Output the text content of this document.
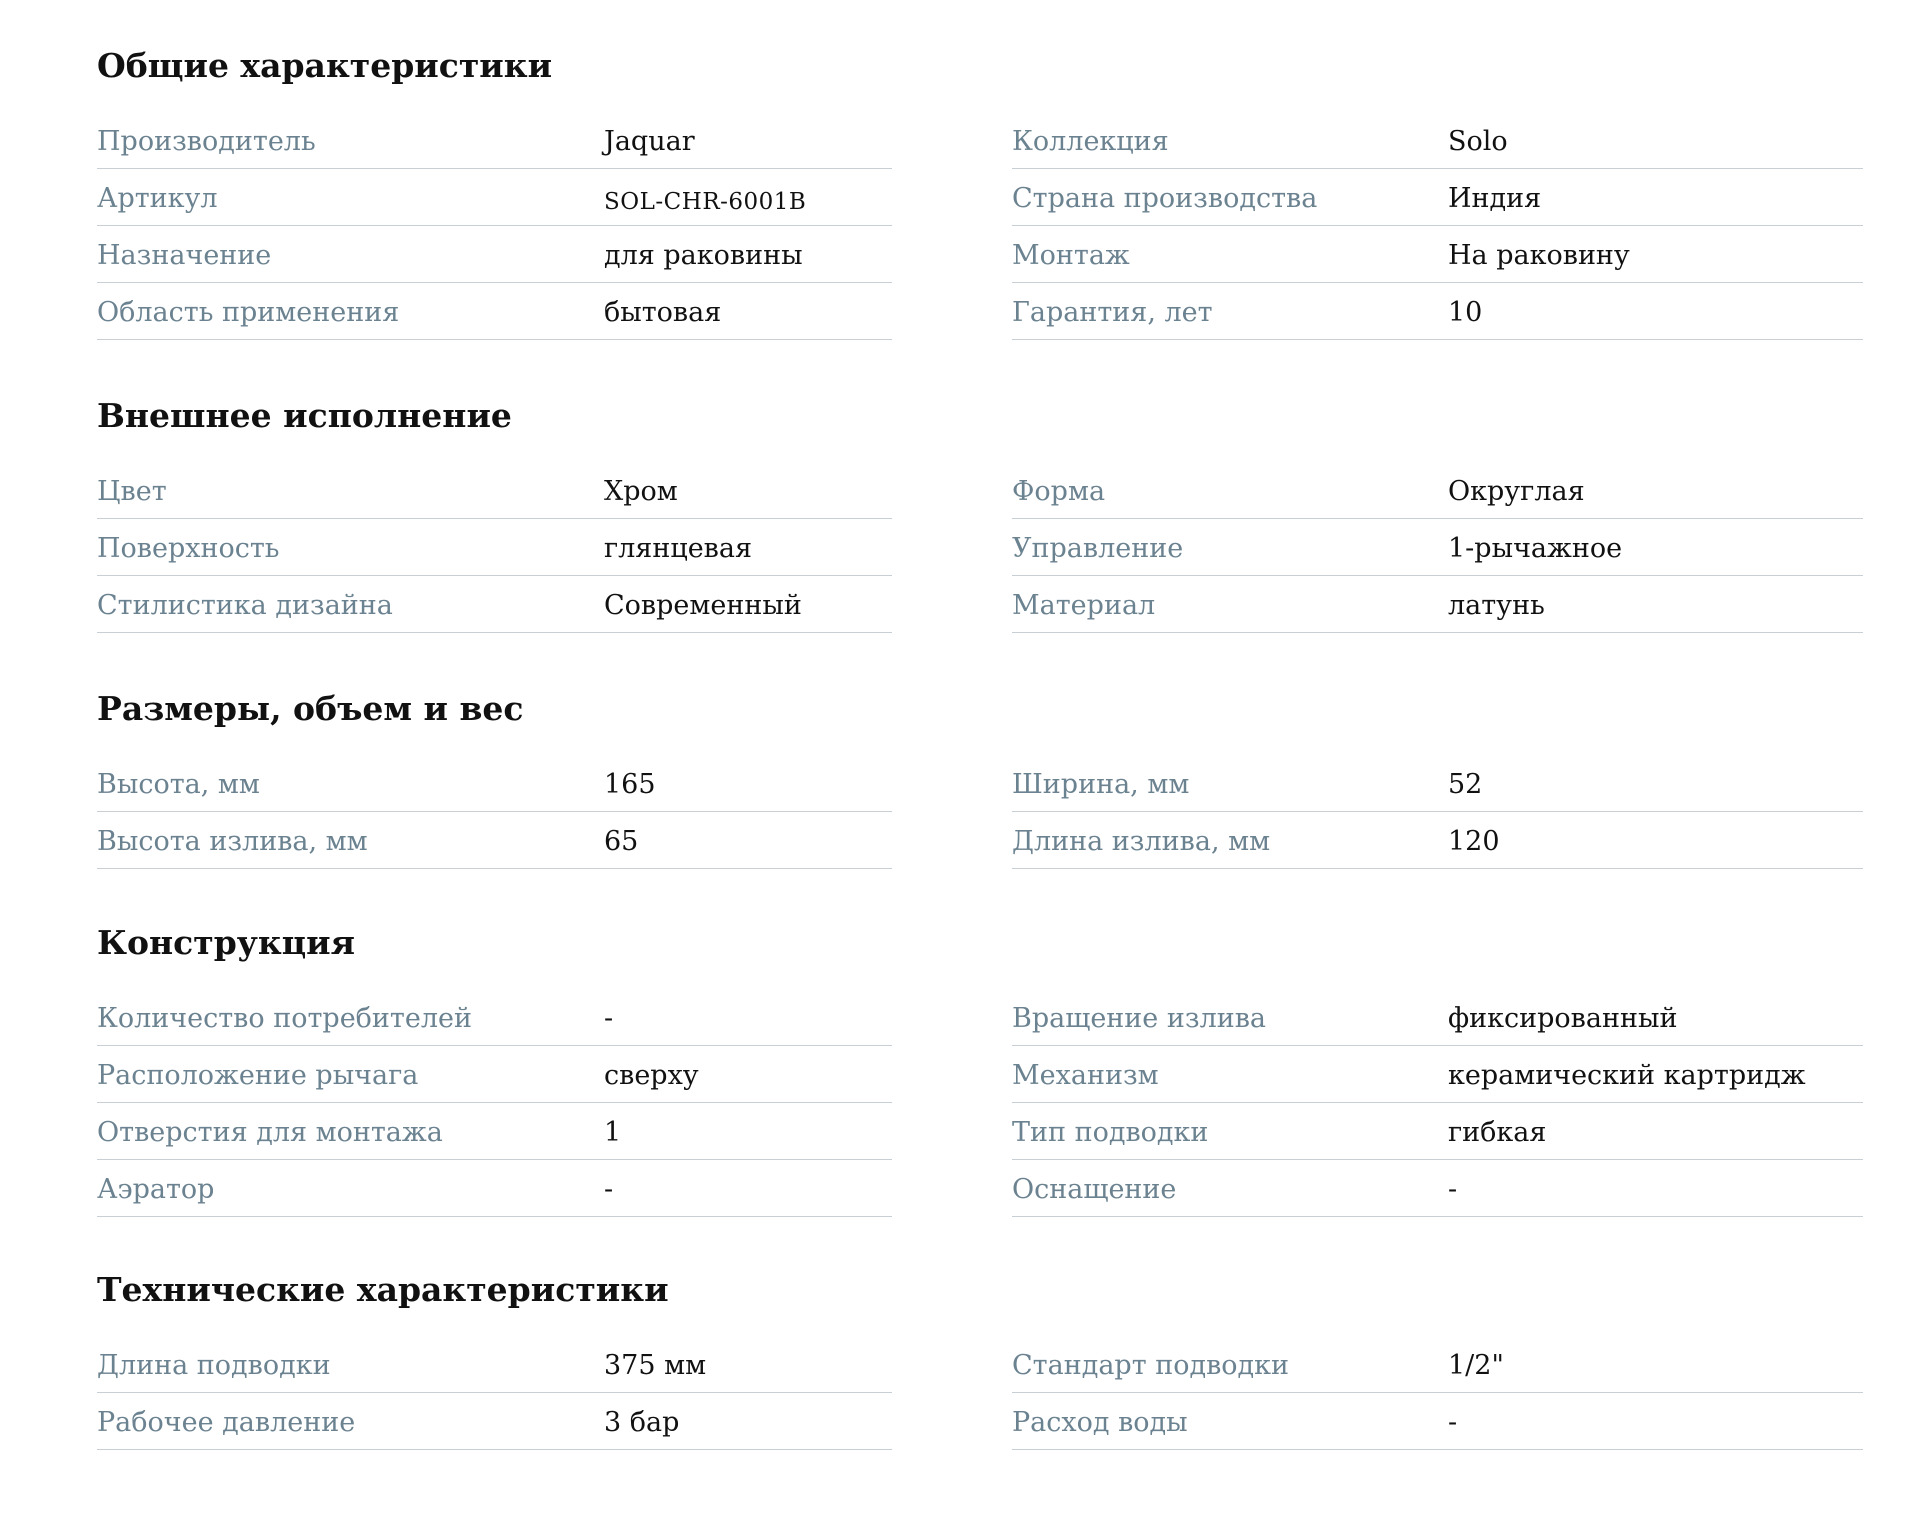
Общие характеристики
Производитель	Jaquar
Артикул	SOL-CHR-6001B
Назначение	для раковины
Область применения	бытовая
Коллекция	Solo
Страна производства	Индия
Монтаж	На раковину
Гарантия, лет	10
Внешнее исполнение
Цвет	Хром
Поверхность	глянцевая
Стилистика дизайна	Современный
Форма	Округлая
Управление	1-рычажное
Материал	латунь
Размеры, объем и вес
Высота, мм	165
Высота излива, мм	65
Ширина, мм	52
Длина излива, мм	120
Конструкция
Количество потребителей	-
Расположение рычага	сверху
Отверстия для монтажа	1
Аэратор	-
Вращение излива	фиксированный
Механизм	керамический картридж
Тип подводки	гибкая
Оснащение	-
Технические характеристики
Длина подводки	375 мм
Рабочее давление	3 бар
Стандарт подводки	1/2"
Расход воды	-
